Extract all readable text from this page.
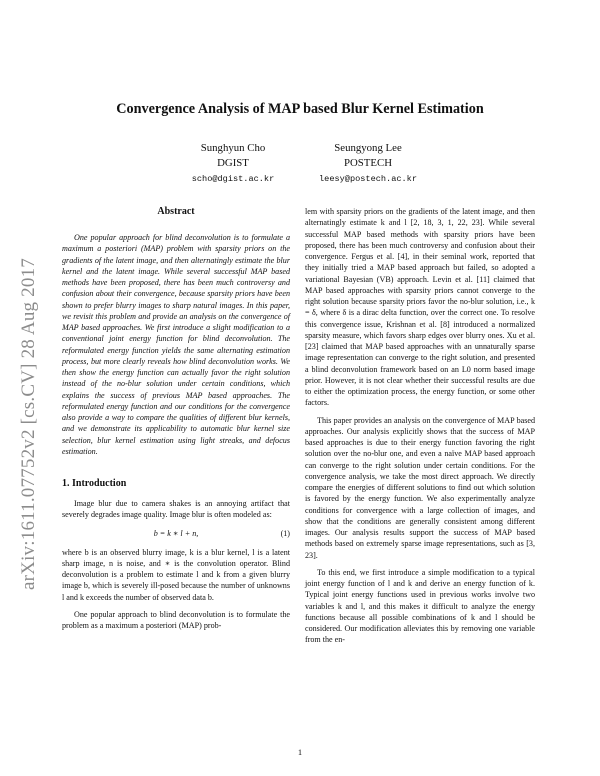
Convergence Analysis of MAP based Blur Kernel Estimation
Sunghyun Cho
DGIST
scho@dgist.ac.kr
Seungyong Lee
POSTECH
leesy@postech.ac.kr
arXiv:1611.07752v2 [cs.CV] 28 Aug 2017
Abstract

One popular approach for blind deconvolution is to formulate a maximum a posteriori (MAP) problem with sparsity priors on the gradients of the latent image, and then alternatingly estimate the blur kernel and the latent image. While several successful MAP based methods have been proposed, there has been much controversy and confusion about their convergence, because sparsity priors have been shown to prefer blurry images to sharp natural images. In this paper, we revisit this problem and provide an analysis on the convergence of MAP based approaches. We first introduce a slight modification to a conventional joint energy function for blind deconvolution. The reformulated energy function yields the same alternating estimation process, but more clearly reveals how blind deconvolution works. We then show the energy function can actually favor the right solution instead of the no-blur solution under certain conditions, which explains the success of previous MAP based approaches. The reformulated energy function and our conditions for the convergence also provide a way to compare the qualities of different blur kernels, and we demonstrate its applicability to automatic blur kernel size selection, blur kernel estimation using light streaks, and defocus estimation.

1. Introduction

Image blur due to camera shakes is an annoying artifact that severely degrades image quality. Image blur is often modeled as:

b = k ∗ l + n,	(1)

where b is an observed blurry image, k is a blur kernel, l is a latent sharp image, n is noise, and ∗ is the convolution operator. Blind deconvolution is a problem to estimate l and k from a given blurry image b, which is severely ill-posed because the number of unknowns l and k exceeds the number of observed data b.

One popular approach to blind deconvolution is to formulate the problem as a maximum a posteriori (MAP) prob-

lem with sparsity priors on the gradients of the latent image, and then alternatingly estimate k and l [2, 18, 3, 1, 22, 23]. While several successful MAP based methods with sparsity priors have been proposed, there has been much controversy and confusion about their convergence. Fergus et al. [4], in their seminal work, reported that they initially tried a MAP based approach but failed, so adopted a variational Bayesian (VB) approach. Levin et al. [11] claimed that MAP based approaches with sparsity priors cannot converge to the right solution because sparsity priors favor the no-blur solution, i.e., k = δ, where δ is a dirac delta function, over the correct one. To resolve this convergence issue, Krishnan et al. [8] introduced a normalized sparsity measure, which favors sharp edges over blurry ones. Xu et al. [23] claimed that MAP based approaches with an unnaturally sparse image representation can converge to the right solution, and presented a blind deconvolution framework based on an L0 norm based image prior. However, it is not clear whether their successful results are due to either the optimization process, the energy function, or some other factors.

This paper provides an analysis on the convergence of MAP based approaches. Our analysis explicitly shows that the success of MAP based approaches is due to their energy function favoring the right solution over the no-blur one, and even a naïve MAP based approach can converge to the right solution under certain conditions. For the convergence analysis, we take the most direct approach. We directly compare the energies of different solutions to find out which solution is favored by the energy function. We also experimentally analyze conditions for convergence with a large collection of images, and show that the conditions are generally consistent among different images. Our analysis results support the success of MAP based methods based on extremely sparse image representations, such as [3, 23].

To this end, we first introduce a simple modification to a typical joint energy function of l and k and derive an energy function of k. Typical joint energy functions used in previous works involve two variables k and l, and this makes it difficult to analyze the energy functions because all possible combinations of k and l should be considered. Our modification alleviates this by removing one variable from the en-

1
